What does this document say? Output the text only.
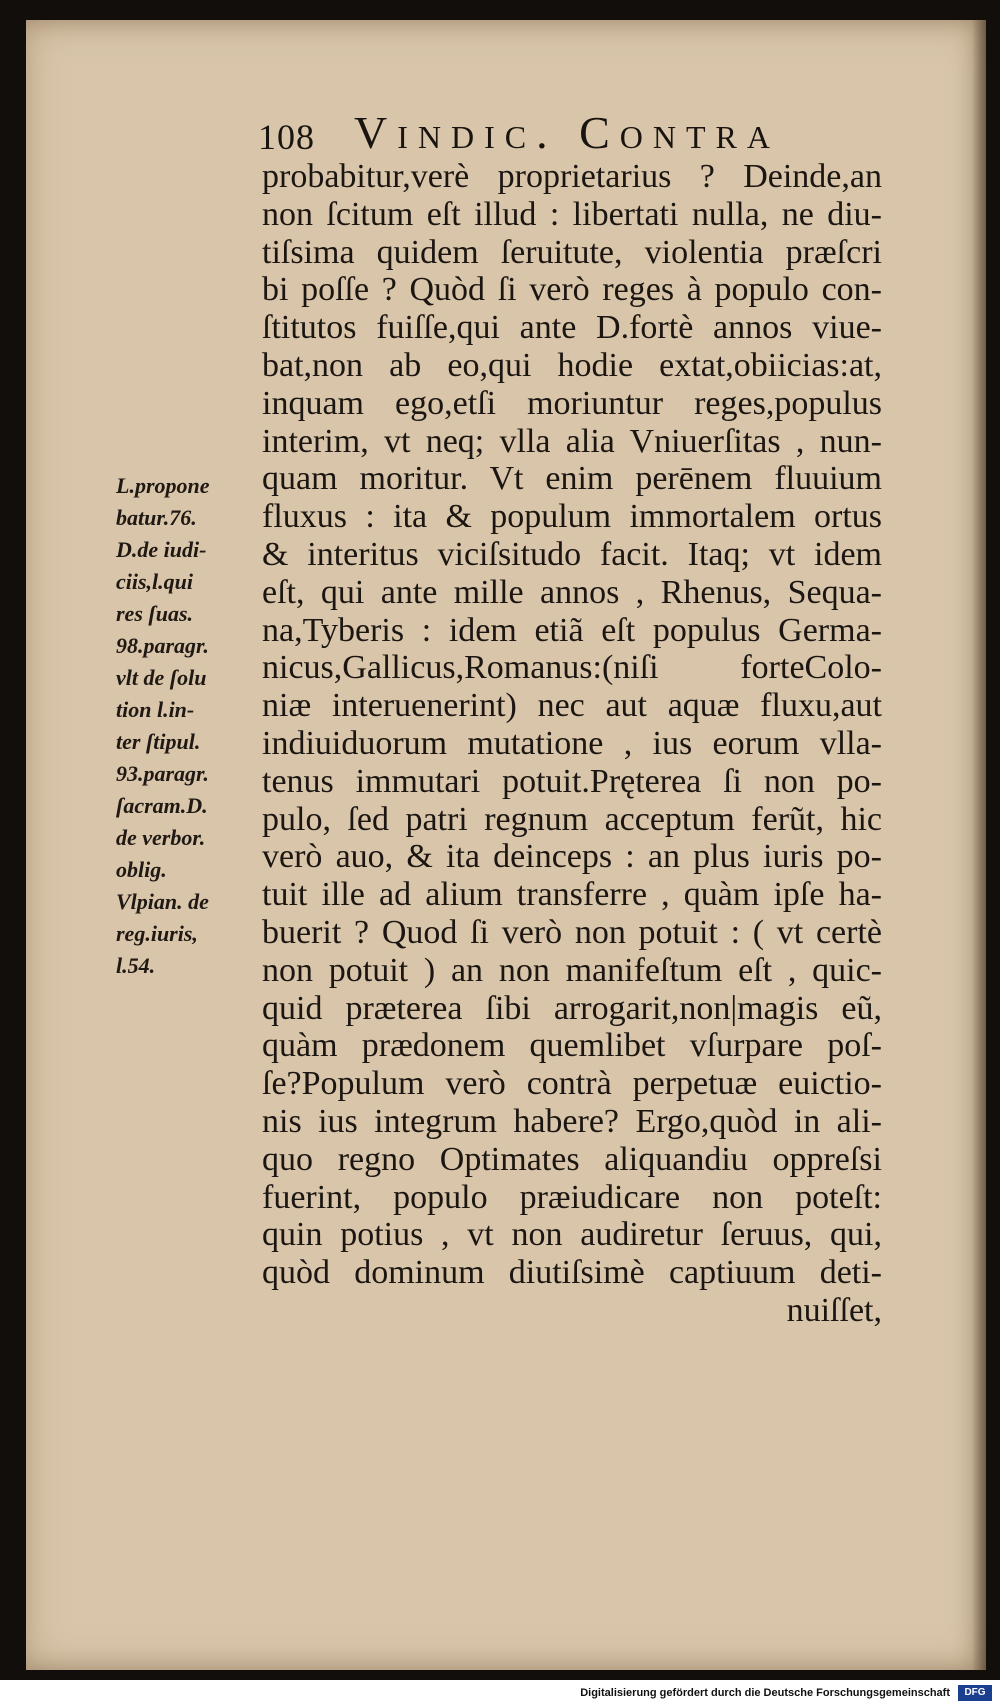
108 Vindic. Contra
probabitur,verè proprietarius ? Deinde,an
non ſcitum eſt illud : libertati nulla, ne diu-
tiſsima quidem ſeruitute, violentia præſcri
bi poſſe ? Quòd ſi verò reges à populo con-
ſtitutos fuiſſe,qui ante D.fortè annos viue-
bat,non ab eo,qui hodie extat,obiicias:at,
inquam ego,etſi moriuntur reges,populus
interim, vt neq; vlla alia Vniuerſitas , nun-
quam moritur. Vt enim perēnem fluuium
fluxus : ita & populum immortalem ortus
& interitus viciſsitudo facit. Itaq; vt idem
eſt, qui ante mille annos , Rhenus, Sequa-
na,Tyberis : idem etiã eſt populus Germa-
nicus,Gallicus,Romanus:(niſi forteColo-
niæ interuenerint) nec aut aquæ fluxu,aut
indiuiduorum mutatione , ius eorum vlla-
tenus immutari potuit.Pręterea ſi non po-
pulo, ſed patri regnum acceptum ferũt, hic
verò auo, & ita deinceps : an plus iuris po-
tuit ille ad alium transferre , quàm ipſe ha-
buerit ? Quod ſi verò non potuit : ( vt certè
non potuit ) an non manifeſtum eſt , quic-
quid præterea ſibi arrogarit,non|magis eũ,
quàm prædonem quemlibet vſurpare poſ-
ſe?Populum verò contrà perpetuæ euictio-
nis ius integrum habere? Ergo,quòd in ali-
quo regno Optimates aliquandiu oppreſsi
fuerint, populo præiudicare non poteſt:
quin potius , vt non audiretur ſeruus, qui,
quòd dominum diutiſsimè captiuum deti-
nuiſſet,
L.propone
batur.76.
D.de iudi-
ciis,l.qui
res ſuas.
98.paragr.
vlt de ſolu
tion l.in-
ter ſtipul.
93.paragr.
ſacram.D.
de verbor.
oblig.
Vlpian. de
reg.iuris,
l.54.
Digitalisierung gefördert durch die Deutsche Forschungsgemeinschaft	DFG
